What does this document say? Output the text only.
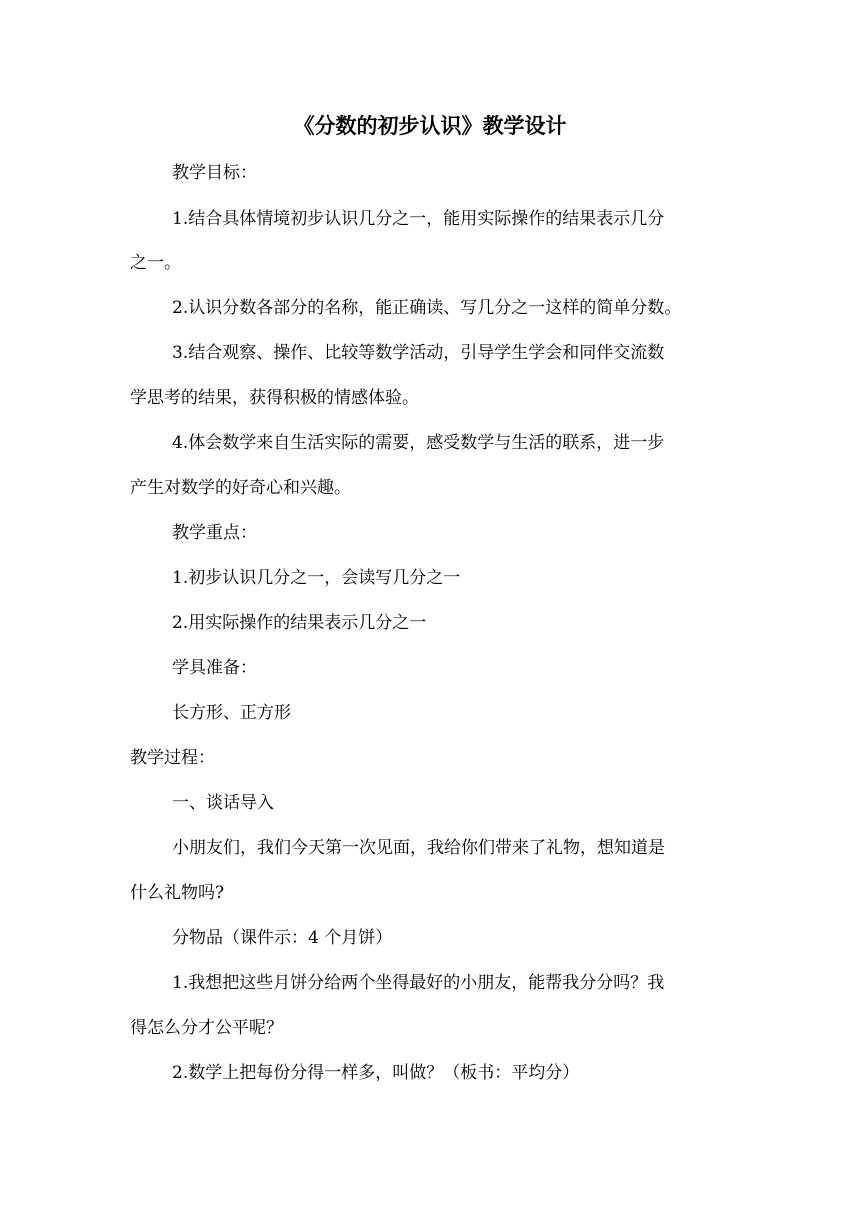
《分数的初步认识》教学设计
教学目标：
1.结合具体情境初步认识几分之一，能用实际操作的结果表示几分
之一。
2.认识分数各部分的名称，能正确读、写几分之一这样的简单分数。
3.结合观察、操作、比较等数学活动，引导学生学会和同伴交流数
学思考的结果，获得积极的情感体验。
4.体会数学来自生活实际的需要，感受数学与生活的联系，进一步
产生对数学的好奇心和兴趣。
教学重点：
1.初步认识几分之一，会读写几分之一
2.用实际操作的结果表示几分之一
学具准备：
长方形、正方形
教学过程：
一、谈话导入
小朋友们，我们今天第一次见面，我给你们带来了礼物，想知道是
什么礼物吗?
分物品（课件示：4 个月饼）
1.我想把这些月饼分给两个坐得最好的小朋友，能帮我分分吗？我
得怎么分才公平呢？
2.数学上把每份分得一样多，叫做？（板书：平均分）
